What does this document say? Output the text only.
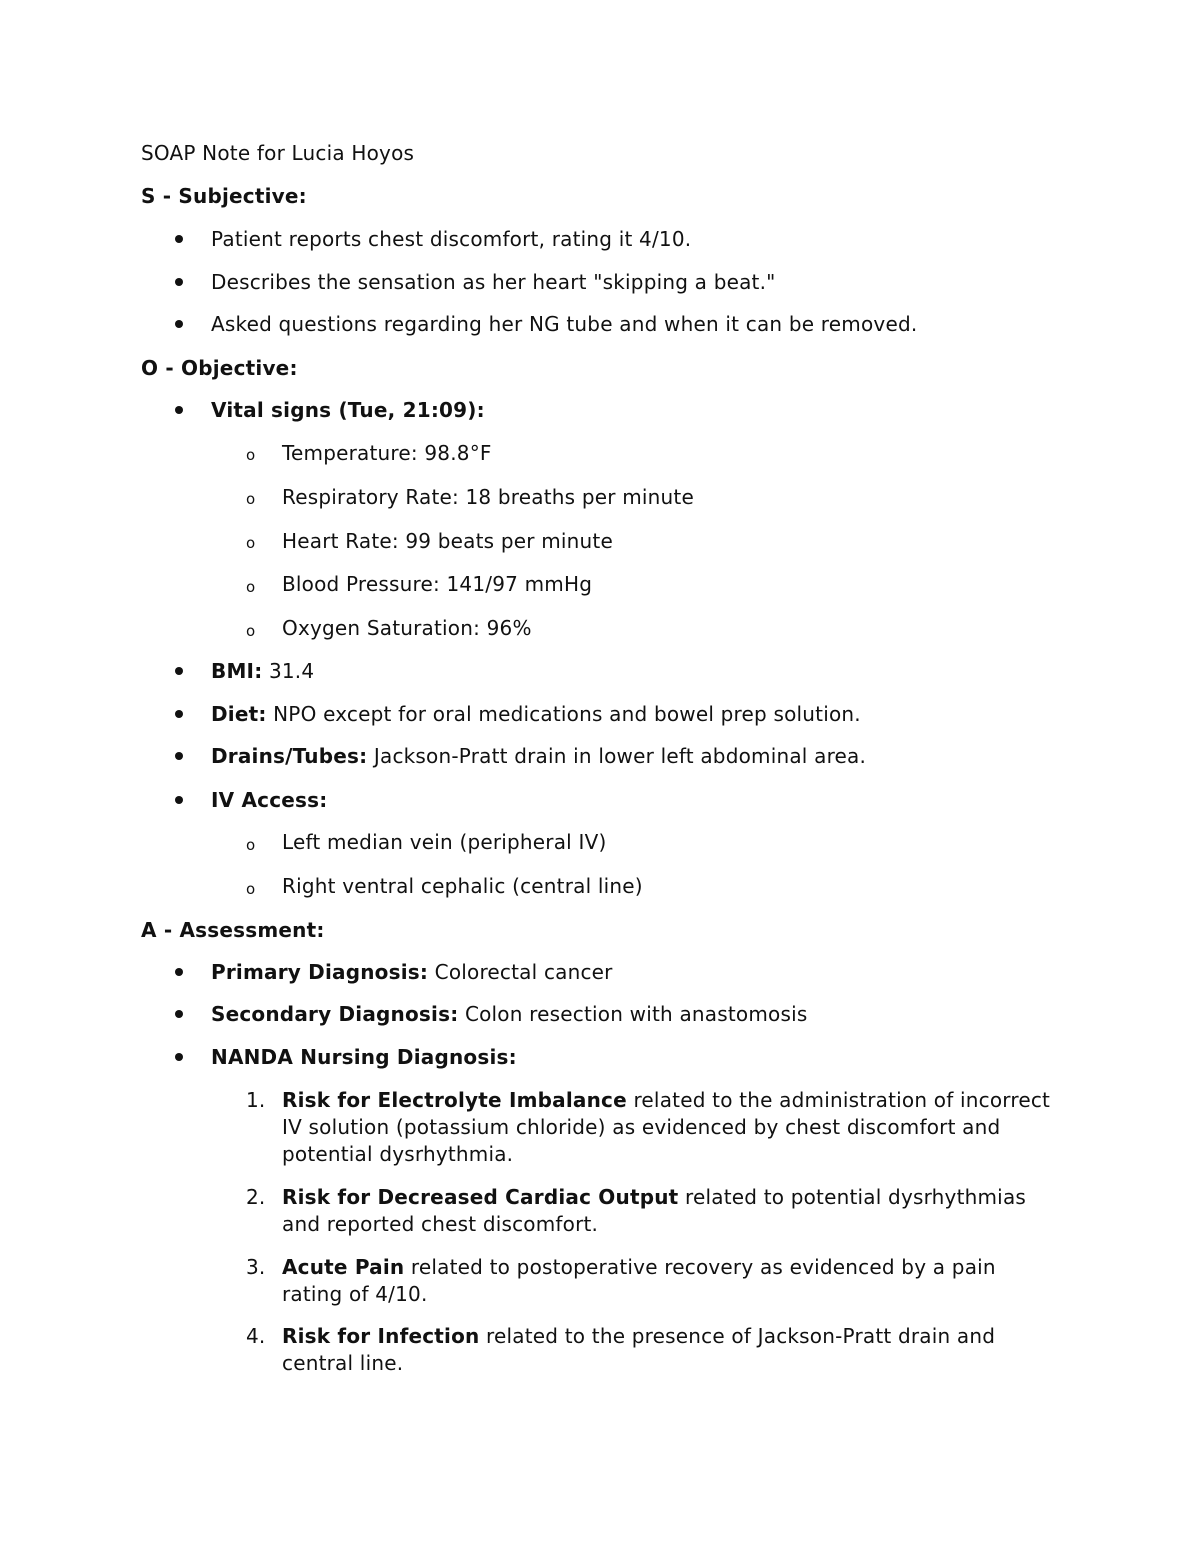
SOAP Note for Lucia Hoyos
S - Subjective:
Patient reports chest discomfort, rating it 4/10.
Describes the sensation as her heart "skipping a beat."
Asked questions regarding her NG tube and when it can be removed.
O - Objective:
Vital signs (Tue, 21:09):
o Temperature: 98.8°F
o Respiratory Rate: 18 breaths per minute
o Heart Rate: 99 beats per minute
o Blood Pressure: 141/97 mmHg
o Oxygen Saturation: 96%
BMI: 31.4
Diet: NPO except for oral medications and bowel prep solution.
Drains/Tubes: Jackson-Pratt drain in lower left abdominal area.
IV Access:
o Left median vein (peripheral IV)
o Right ventral cephalic (central line)
A - Assessment:
Primary Diagnosis: Colorectal cancer
Secondary Diagnosis: Colon resection with anastomosis
NANDA Nursing Diagnosis:
1. Risk for Electrolyte Imbalance related to the administration of incorrect IV solution (potassium chloride) as evidenced by chest discomfort and potential dysrhythmia.
2. Risk for Decreased Cardiac Output related to potential dysrhythmias and reported chest discomfort.
3. Acute Pain related to postoperative recovery as evidenced by a pain rating of 4/10.
4. Risk for Infection related to the presence of Jackson-Pratt drain and central line.
